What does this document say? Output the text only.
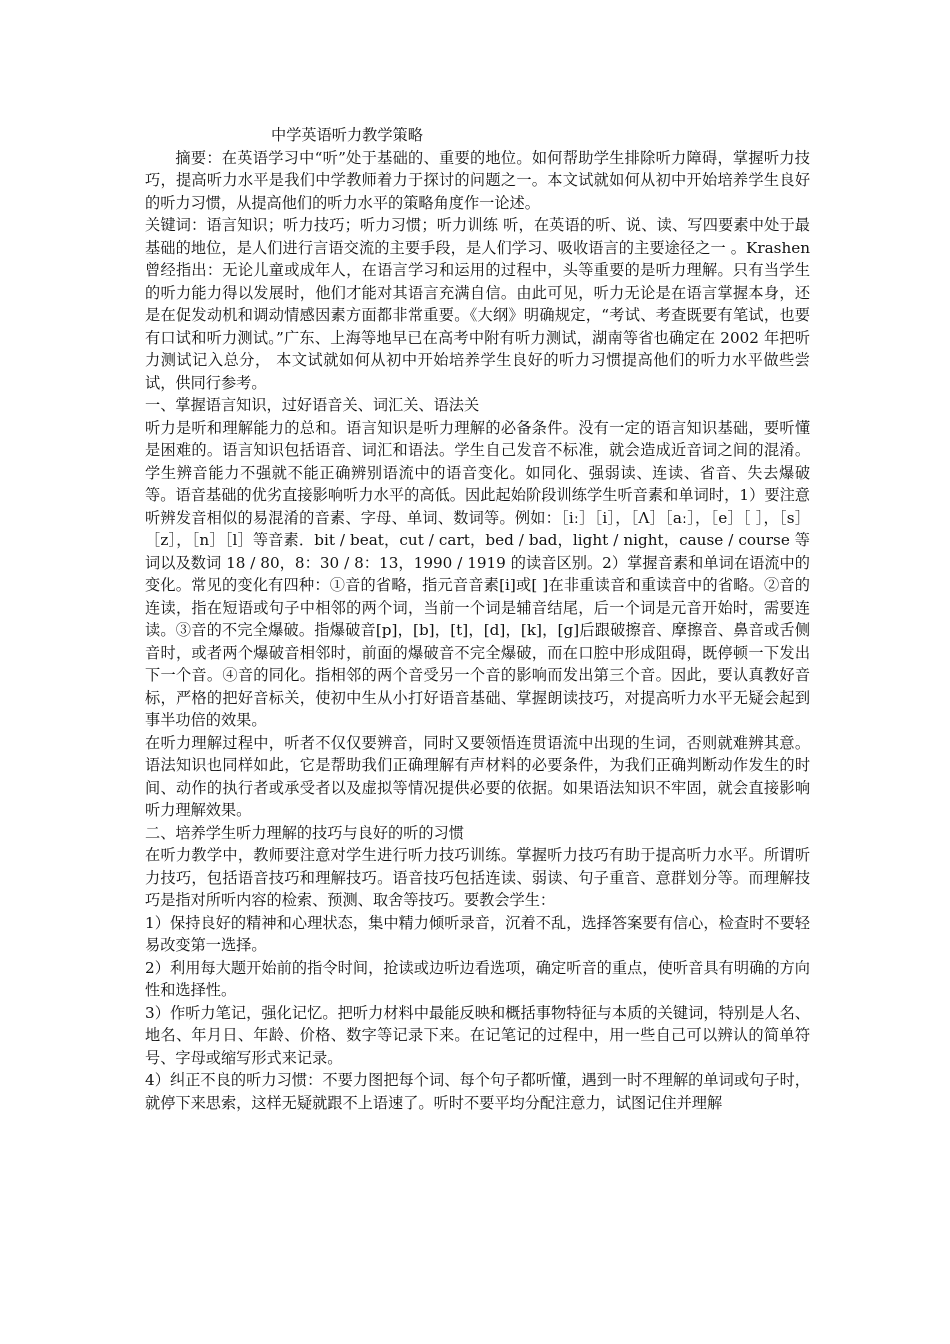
中学英语听力教学策略

摘要：在英语学习中“听”处于基础的、重要的地位。如何帮助学生排除听力障碍，掌握听力技巧，提高听力水平是我们中学教师着力于探讨的问题之一。本文试就如何从初中开始培养学生良好的听力习惯，从提高他们的听力水平的策略角度作一论述。

关键词：语言知识；听力技巧；听力习惯；听力训练 听，在英语的听、说、读、写四要素中处于最基础的地位，是人们进行言语交流的主要手段，是人们学习、吸收语言的主要途径之一 。Krashen 曾经指出：无论儿童或成年人，在语言学习和运用的过程中，头等重要的是听力理解。只有当学生的听力能力得以发展时，他们才能对其语言充满自信。由此可见，听力无论是在语言掌握本身，还是在促发动机和调动情感因素方面都非常重要。《大纲》明确规定，“考试、考查既要有笔试，也要有口试和听力测试。”广东、上海等地早已在高考中附有听力测试，湖南等省也确定在 2002 年把听力测试记入总分， 本文试就如何从初中开始培养学生良好的听力习惯提高他们的听力水平做些尝试，供同行参考。

一、掌握语言知识，过好语音关、词汇关、语法关

听力是听和理解能力的总和。语言知识是听力理解的必备条件。没有一定的语言知识基础，要听懂是困难的。语言知识包括语音、词汇和语法。学生自己发音不标准，就会造成近音词之间的混淆。学生辨音能力不强就不能正确辨别语流中的语音变化。如同化、强弱读、连读、省音、失去爆破等。语音基础的优劣直接影响听力水平的高低。因此起始阶段训练学生听音素和单词时，1）要注意听辨发音相似的易混淆的音素、字母、单词、数词等。例如：［iː］［i］，［Λ］［aː］，［e］［ ］，［s］［z］，［n］［l］等音素．bit / beat，cut / cart，bed / bad，light / night，cause / course 等词以及数词 18 / 80，8：30 / 8：13，1990 / 1919 的读音区别。2）掌握音素和单词在语流中的变化。常见的变化有四种：①音的省略，指元音音素[i]或[ ]在非重读音和重读音中的省略。②音的连读，指在短语或句子中相邻的两个词，当前一个词是辅音结尾，后一个词是元音开始时，需要连读。③音的不完全爆破。指爆破音[p]，[b]，[t]，[d]，[k]，[g]后跟破擦音、摩擦音、鼻音或舌侧音时，或者两个爆破音相邻时，前面的爆破音不完全爆破，而在口腔中形成阻碍，既停顿一下发出下一个音。④音的同化。指相邻的两个音受另一个音的影响而发出第三个音。因此，要认真教好音标，严格的把好音标关，使初中生从小打好语音基础、掌握朗读技巧，对提高听力水平无疑会起到事半功倍的效果。

在听力理解过程中，听者不仅仅要辨音，同时又要领悟连贯语流中出现的生词，否则就难辨其意。语法知识也同样如此，它是帮助我们正确理解有声材料的必要条件，为我们正确判断动作发生的时间、动作的执行者或承受者以及虚拟等情况提供必要的依据。如果语法知识不牢固，就会直接影响听力理解效果。

二、培养学生听力理解的技巧与良好的听的习惯

在听力教学中，教师要注意对学生进行听力技巧训练。掌握听力技巧有助于提高听力水平。所谓听力技巧，包括语音技巧和理解技巧。语音技巧包括连读、弱读、句子重音、意群划分等。而理解技巧是指对所听内容的检索、预测、取舍等技巧。要教会学生：

1）保持良好的精神和心理状态，集中精力倾听录音，沉着不乱，选择答案要有信心，检查时不要轻易改变第一选择。

2）利用每大题开始前的指令时间，抢读或边听边看选项，确定听音的重点，使听音具有明确的方向性和选择性。

3）作听力笔记，强化记忆。把听力材料中最能反映和概括事物特征与本质的关键词，特别是人名、地名、年月日、年龄、价格、数字等记录下来。在记笔记的过程中，用一些自己可以辨认的简单符号、字母或缩写形式来记录。

4）纠正不良的听力习惯：不要力图把每个词、每个句子都听懂，遇到一时不理解的单词或句子时，就停下来思索，这样无疑就跟不上语速了。听时不要平均分配注意力，试图记住并理解
